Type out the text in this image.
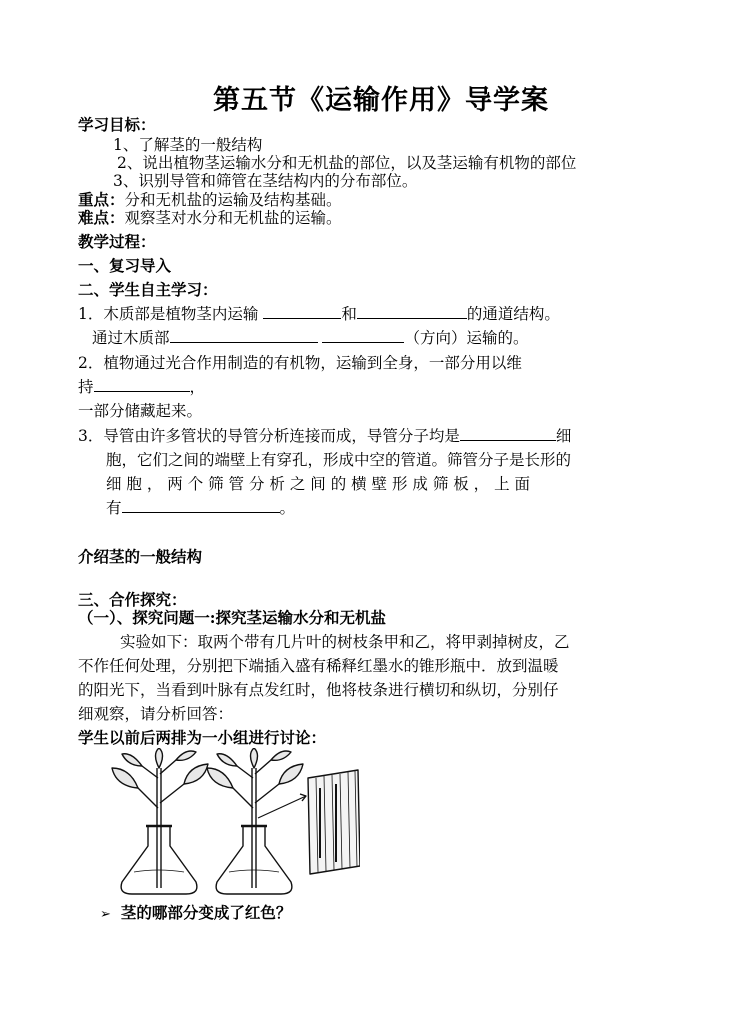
第五节《运输作用》导学案
学习目标：
1、了解茎的一般结构
2、说出植物茎运输水分和无机盐的部位，以及茎运输有机物的部位
3、识别导管和筛管在茎结构内的分布部位。
重点：分和无机盐的运输及结构基础。
难点：观察茎对水分和无机盐的运输。
教学过程：
一、复习导入
二、学生自主学习：
1．木质部是植物茎内运输	和	的通道结构。
通过木质部	（方向）运输的。
2．植物通过光合作用制造的有机物，运输到全身，一部分用以维
持	，
一部分储藏起来。
3．导管由许多管状的导管分析连接而成，导管分子均是	细
胞，它们之间的端壁上有穿孔，形成中空的管道。筛管分子是长形的
细 胞 ， 两 个 筛 管 分 析 之 间 的 横 壁 形 成 筛 板 ， 上 面
有	。
介绍茎的一般结构
三、合作探究：
（一）、探究问题一:探究茎运输水分和无机盐
实验如下：取两个带有几片叶的树枝条甲和乙，将甲剥掉树皮，乙
不作任何处理，分别把下端插入盛有稀释红墨水的锥形瓶中．放到温暖
的阳光下，当看到叶脉有点发红时，他将枝条进行横切和纵切，分别仔
细观察，请分析回答：
学生以前后两排为一小组进行讨论：
➢ 茎的哪部分变成了红色？
